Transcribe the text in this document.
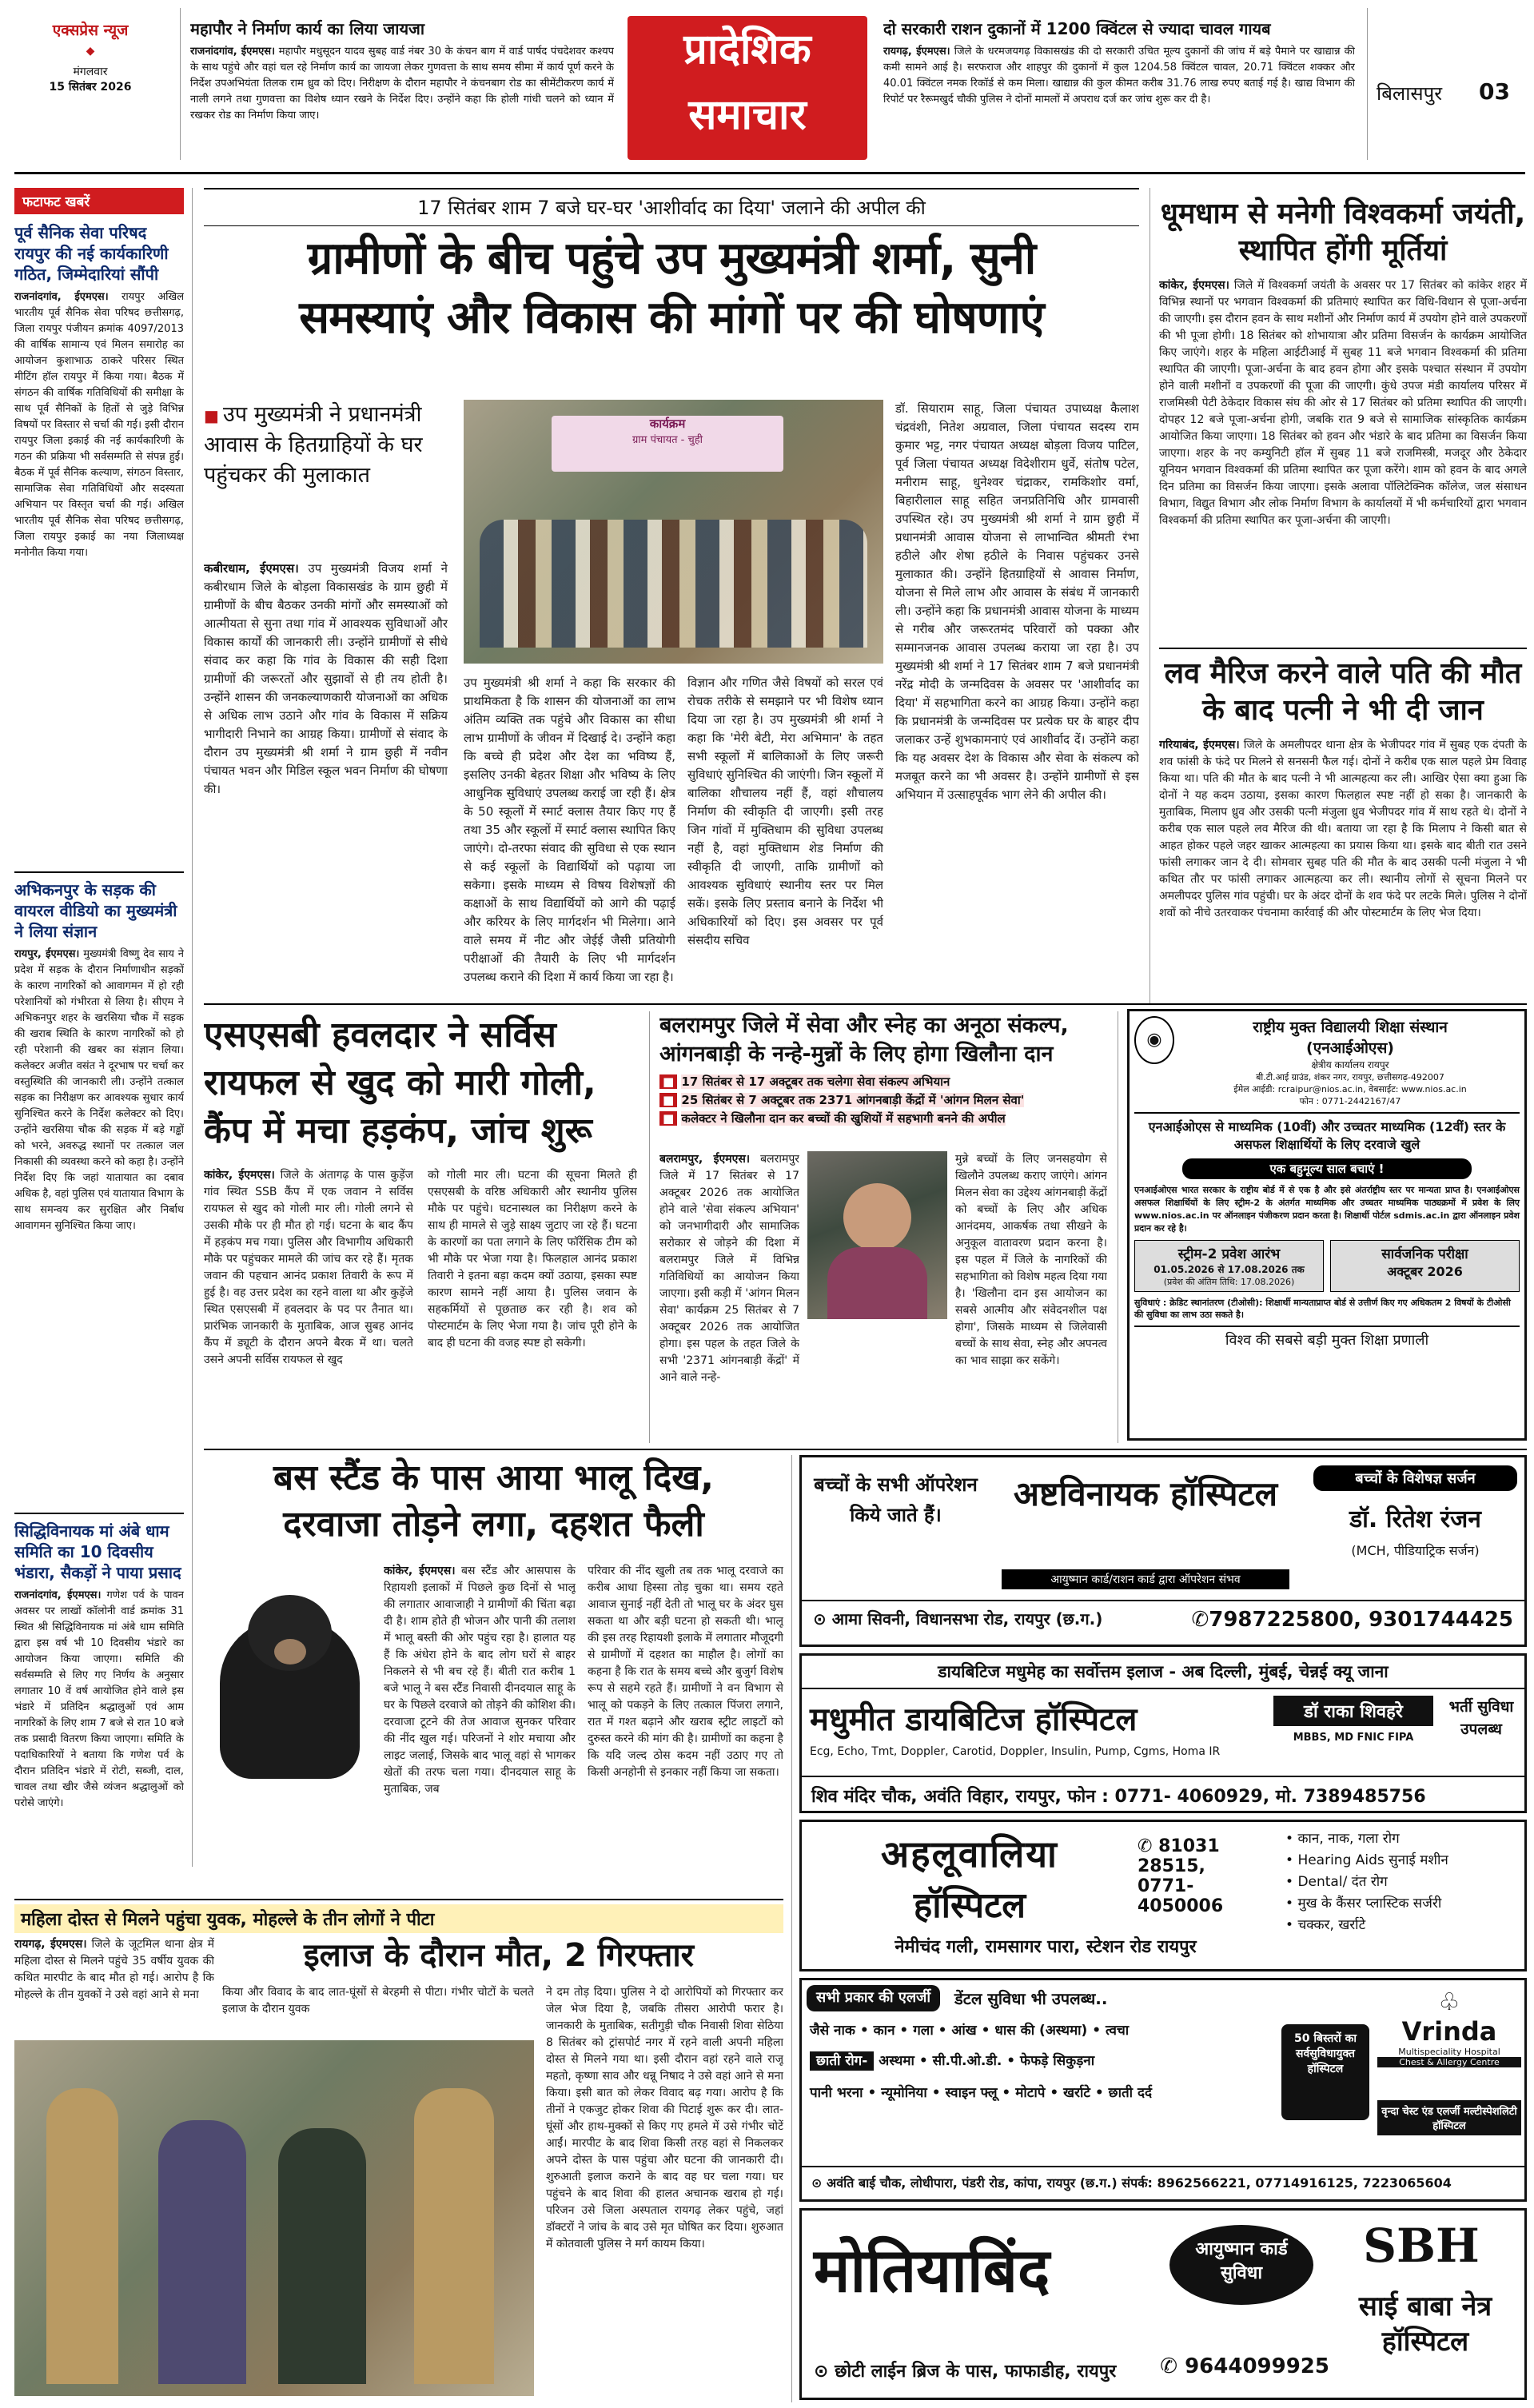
एक्सप्रेस न्यूज
◆
मंगलवार
15 सितंबर 2026
महापौर ने निर्माण कार्य का लिया जायजा
राजनांदगांव, ईएमएस। महापौर मधुसूदन यादव सुबह वार्ड नंबर 30 के कंचन बाग में वार्ड पार्षद पंचदेशवर कश्यप के साथ पहुंचे और वहां चल रहे निर्माण कार्य का जायजा लेकर गुणवत्ता के साथ समय सीमा में कार्य पूर्ण करने के निर्देश उपअभियंता तिलक राम ध्रुव को दिए। निरीक्षण के दौरान महापौर ने कंचनबाग रोड का सीमेंटीकरण कार्य में नाली लगने तथा गुणवत्ता का विशेष ध्यान रखने के निर्देश दिए। उन्होंने कहा कि होली गांधी चलने को ध्यान में रखकर रोड का निर्माण किया जाए।
प्रादेशिक
समाचार
दो सरकारी राशन दुकानों में 1200 क्विंटल से ज्यादा चावल गायब
रायगढ़, ईएमएस। जिले के धरमजयगढ़ विकासखंड की दो सरकारी उचित मूल्य दुकानों की जांच में बड़े पैमाने पर खाद्यान्न की कमी सामने आई है। सरफराज और शाहपुर की दुकानों में कुल 1204.58 क्विंटल चावल, 20.71 क्विंटल शक्कर और 40.01 क्विंटल नमक रिकॉर्ड से कम मिला। खाद्यान्न की कुल कीमत करीब 31.76 लाख रुपए बताई गई है। खाद्य विभाग की रिपोर्ट पर रैरूमखुर्द चौकी पुलिस ने दोनों मामलों में अपराध दर्ज कर जांच शुरू कर दी है।	बिलासपुर	03
फटाफट खबरें
पूर्व सैनिक सेवा परिषद रायपुर की नई कार्यकारिणी गठित, जिम्मेदारियां सौंपी
राजनांदगांव, ईएमएस। रायपुर अखिल भारतीय पूर्व सैनिक सेवा परिषद छत्तीसगढ़, जिला रायपुर पंजीयन क्रमांक 4097/2013 की वार्षिक सामान्य एवं मिलन समारोह का आयोजन कुशाभाऊ ठाकरे परिसर स्थित मीटिंग हॉल रायपुर में किया गया। बैठक में संगठन की वार्षिक गतिविधियों की समीक्षा के साथ पूर्व सैनिकों के हितों से जुड़े विभिन्न विषयों पर विस्तार से चर्चा की गई। इसी दौरान रायपुर जिला इकाई की नई कार्यकारिणी के गठन की प्रक्रिया भी सर्वसम्मति से संपन्न हुई। बैठक में पूर्व सैनिक कल्याण, संगठन विस्तार, सामाजिक सेवा गतिविधियों और सदस्यता अभियान पर विस्तृत चर्चा की गई। अखिल भारतीय पूर्व सैनिक सेवा परिषद छत्तीसगढ़, जिला रायपुर इकाई का नया जिलाध्यक्ष मनोनीत किया गया।
अभिकनपुर के सड़क की वायरल वीडियो का मुख्यमंत्री ने लिया संज्ञान
रायपुर, ईएमएस। मुख्यमंत्री विष्णु देव साय ने प्रदेश में सड़क के दौरान निर्माणाधीन सड़कों के कारण नागरिकों को आवागमन में हो रही परेशानियों को गंभीरता से लिया है। सीएम ने अभिकनपुर शहर के खरसिया चौक में सड़क की खराब स्थिति के कारण नागरिकों को हो रही परेशानी की खबर का संज्ञान लिया। कलेक्टर अजीत वसंत ने दूरभाष पर चर्चा कर वस्तुस्थिति की जानकारी ली। उन्होंने तत्काल सड़क का निरीक्षण कर आवश्यक सुधार कार्य सुनिश्चित करने के निर्देश कलेक्टर को दिए। उन्होंने खरसिया चौक की सड़क में बड़े गड्ढों को भरने, अवरुद्ध स्थानों पर तत्काल जल निकासी की व्यवस्था करने को कहा है। उन्होंने निर्देश दिए कि जहां यातायात का दबाव अधिक है, वहां पुलिस एवं यातायात विभाग के साथ समन्वय कर सुरक्षित और निर्बाध आवागमन सुनिश्चित किया जाए।
सिद्धिविनायक मां अंबे धाम समिति का 10 दिवसीय भंडारा, सैकड़ों ने पाया प्रसाद
राजनांदगांव, ईएमएस। गणेश पर्व के पावन अवसर पर लाखों कॉलोनी वार्ड क्रमांक 31 स्थित श्री सिद्धिविनायक मां अंबे धाम समिति द्वारा इस वर्ष भी 10 दिवसीय भंडारे का आयोजन किया जाएगा। समिति की सर्वसम्मति से लिए गए निर्णय के अनुसार लगातार 10 वें वर्ष आयोजित होने वाले इस भंडारे में प्रतिदिन श्रद्धालुओं एवं आम नागरिकों के लिए शाम 7 बजे से रात 10 बजे तक प्रसादी वितरण किया जाएगा। समिति के पदाधिकारियों ने बताया कि गणेश पर्व के दौरान प्रतिदिन भंडारे में रोटी, सब्जी, दाल, चावल तथा खीर जैसे व्यंजन श्रद्धालुओं को परोसे जाएंगे।
17 सितंबर शाम 7 बजे घर-घर 'आशीर्वाद का दिया' जलाने की अपील की
ग्रामीणों के बीच पहुंचे उप मुख्यमंत्री शर्मा, सुनी
समस्याएं और विकास की मांगों पर की घोषणाएं
■ उप मुख्यमंत्री ने प्रधानमंत्री आवास के हितग्राहियों के घर पहुंचकर की मुलाकात
कार्यक्रम
ग्राम पंचायत - चुही
कबीरधाम, ईएमएस। उप मुख्यमंत्री विजय शर्मा ने कबीरधाम जिले के बोड़ला विकासखंड के ग्राम छुही में ग्रामीणों के बीच बैठकर उनकी मांगों और समस्याओं को आत्मीयता से सुना तथा गांव में आवश्यक सुविधाओं और विकास कार्यों की जानकारी ली। उन्होंने ग्रामीणों से सीधे संवाद कर कहा कि गांव के विकास की सही दिशा ग्रामीणों की जरूरतों और सुझावों से ही तय होती है। उन्होंने शासन की जनकल्याणकारी योजनाओं का अधिक से अधिक लाभ उठाने और गांव के विकास में सक्रिय भागीदारी निभाने का आग्रह किया। ग्रामीणों से संवाद के दौरान उप मुख्यमंत्री श्री शर्मा ने ग्राम छुही में नवीन पंचायत भवन और मिडिल स्कूल भवन निर्माण की घोषणा की।
उप मुख्यमंत्री श्री शर्मा ने कहा कि सरकार की प्राथमिकता है कि शासन की योजनाओं का लाभ अंतिम व्यक्ति तक पहुंचे और विकास का सीधा लाभ ग्रामीणों के जीवन में दिखाई दे। उन्होंने कहा कि बच्चे ही प्रदेश और देश का भविष्य हैं, इसलिए उनकी बेहतर शिक्षा और भविष्य के लिए आधुनिक सुविधाएं उपलब्ध कराई जा रही हैं। क्षेत्र के 50 स्कूलों में स्मार्ट क्लास तैयार किए गए हैं तथा 35 और स्कूलों में स्मार्ट क्लास स्थापित किए जाएंगे। दो-तरफा संवाद की सुविधा से एक स्थान से कई स्कूलों के विद्यार्थियों को पढ़ाया जा सकेगा। इसके माध्यम से विषय विशेषज्ञों की कक्षाओं के साथ विद्यार्थियों को आगे की पढ़ाई और करियर के लिए मार्गदर्शन भी मिलेगा। आने वाले समय में नीट और जेईई जैसी प्रतियोगी परीक्षाओं की तैयारी के लिए भी मार्गदर्शन उपलब्ध कराने की दिशा में कार्य किया जा रहा है।
विज्ञान और गणित जैसे विषयों को सरल एवं रोचक तरीके से समझाने पर भी विशेष ध्यान दिया जा रहा है। उप मुख्यमंत्री श्री शर्मा ने कहा कि 'मेरी बेटी, मेरा अभिमान' के तहत सभी स्कूलों में बालिकाओं के लिए जरूरी सुविधाएं सुनिश्चित की जाएंगी। जिन स्कूलों में बालिका शौचालय नहीं हैं, वहां शौचालय निर्माण की स्वीकृति दी जाएगी। इसी तरह जिन गांवों में मुक्तिधाम की सुविधा उपलब्ध नहीं है, वहां मुक्तिधाम शेड निर्माण की स्वीकृति दी जाएगी, ताकि ग्रामीणों को आवश्यक सुविधाएं स्थानीय स्तर पर मिल सकें। इसके लिए प्रस्ताव बनाने के निर्देश भी अधिकारियों को दिए। इस अवसर पर पूर्व संसदीय सचिव
डॉ. सियाराम साहू, जिला पंचायत उपाध्यक्ष कैलाश चंद्रवंशी, नितेश अग्रवाल, जिला पंचायत सदस्य राम कुमार भट्ट, नगर पंचायत अध्यक्ष बोड़ला विजय पाटिल, पूर्व जिला पंचायत अध्यक्ष विदेशीराम धुर्वे, संतोष पटेल, मनीराम साहू, धुनेश्वर चंद्राकर, रामकिशोर वर्मा, बिहारीलाल साहू सहित जनप्रतिनिधि और ग्रामवासी उपस्थित रहे। उप मुख्यमंत्री श्री शर्मा ने ग्राम छुही में प्रधानमंत्री आवास योजना से लाभान्वित श्रीमती रंभा हठीले और शेषा हठीले के निवास पहुंचकर उनसे मुलाकात की। उन्होंने हितग्राहियों से आवास निर्माण, योजना से मिले लाभ और आवास के संबंध में जानकारी ली। उन्होंने कहा कि प्रधानमंत्री आवास योजना के माध्यम से गरीब और जरूरतमंद परिवारों को पक्का और सम्मानजनक आवास उपलब्ध कराया जा रहा है। उप मुख्यमंत्री श्री शर्मा ने 17 सितंबर शाम 7 बजे प्रधानमंत्री नरेंद्र मोदी के जन्मदिवस के अवसर पर 'आशीर्वाद का दिया' में सहभागिता करने का आग्रह किया। उन्होंने कहा कि प्रधानमंत्री के जन्मदिवस पर प्रत्येक घर के बाहर दीप जलाकर उन्हें शुभकामनाएं एवं आशीर्वाद दें। उन्होंने कहा कि यह अवसर देश के विकास और सेवा के संकल्प को मजबूत करने का भी अवसर है। उन्होंने ग्रामीणों से इस अभियान में उत्साहपूर्वक भाग लेने की अपील की।
धूमधाम से मनेगी विश्वकर्मा जयंती, स्थापित होंगी मूर्तियां
कांकेर, ईएमएस। जिले में विश्वकर्मा जयंती के अवसर पर 17 सितंबर को कांकेर शहर में विभिन्न स्थानों पर भगवान विश्वकर्मा की प्रतिमाएं स्थापित कर विधि-विधान से पूजा-अर्चना की जाएगी। इस दौरान हवन के साथ मशीनों और निर्माण कार्य में उपयोग होने वाले उपकरणों की भी पूजा होगी। 18 सितंबर को शोभायात्रा और प्रतिमा विसर्जन के कार्यक्रम आयोजित किए जाएंगे। शहर के महिला आईटीआई में सुबह 11 बजे भगवान विश्वकर्मा की प्रतिमा स्थापित की जाएगी। पूजा-अर्चना के बाद हवन होगा और इसके पश्चात संस्थान में उपयोग होने वाली मशीनों व उपकरणों की पूजा की जाएगी। कुंधे उपज मंडी कार्यालय परिसर में राजमिस्त्री पेटी ठेकेदार विकास संघ की ओर से 17 सितंबर को प्रतिमा स्थापित की जाएगी। दोपहर 12 बजे पूजा-अर्चना होगी, जबकि रात 9 बजे से सामाजिक सांस्कृतिक कार्यक्रम आयोजित किया जाएगा। 18 सितंबर को हवन और भंडारे के बाद प्रतिमा का विसर्जन किया जाएगा। शहर के नए कम्युनिटी हॉल में सुबह 11 बजे राजमिस्त्री, मजदूर और ठेकेदार यूनियन भगवान विश्वकर्मा की प्रतिमा स्थापित कर पूजा करेंगे। शाम को हवन के बाद अगले दिन प्रतिमा का विसर्जन किया जाएगा। इसके अलावा पॉलिटेक्निक कॉलेज, जल संसाधन विभाग, विद्युत विभाग और लोक निर्माण विभाग के कार्यालयों में भी कर्मचारियों द्वारा भगवान विश्वकर्मा की प्रतिमा स्थापित कर पूजा-अर्चना की जाएगी।
लव मैरिज करने वाले पति की मौत के बाद पत्नी ने भी दी जान
गरियाबंद, ईएमएस। जिले के अमलीपदर थाना क्षेत्र के भेजीपदर गांव में सुबह एक दंपती के शव फांसी के फंदे पर मिलने से सनसनी फैल गई। दोनों ने करीब एक साल पहले प्रेम विवाह किया था। पति की मौत के बाद पत्नी ने भी आत्महत्या कर ली। आखिर ऐसा क्या हुआ कि दोनों ने यह कदम उठाया, इसका कारण फिलहाल स्पष्ट नहीं हो सका है। जानकारी के मुताबिक, मिलाप ध्रुव और उसकी पत्नी मंजुला ध्रुव भेजीपदर गांव में साथ रहते थे। दोनों ने करीब एक साल पहले लव मैरिज की थी। बताया जा रहा है कि मिलाप ने किसी बात से आहत होकर पहले जहर खाकर आत्महत्या का प्रयास किया था। इसके बाद बीती रात उसने फांसी लगाकर जान दे दी। सोमवार सुबह पति की मौत के बाद उसकी पत्नी मंजुला ने भी कथित तौर पर फांसी लगाकर आत्महत्या कर ली। स्थानीय लोगों से सूचना मिलने पर अमलीपदर पुलिस गांव पहुंची। घर के अंदर दोनों के शव फंदे पर लटके मिले। पुलिस ने दोनों शवों को नीचे उतरवाकर पंचनामा कार्रवाई की और पोस्टमार्टम के लिए भेज दिया।
एसएसबी हवलदार ने सर्विस
रायफल से खुद को मारी गोली,
कैंप में मचा हड़कंप, जांच शुरू
कांकेर, ईएमएस। जिले के अंतागढ़ के पास कुड़ेंज गांव स्थित SSB कैंप में एक जवान ने सर्विस रायफल से खुद को गोली मार ली। गोली लगने से उसकी मौके पर ही मौत हो गई। घटना के बाद कैंप में हड़कंप मच गया। पुलिस और विभागीय अधिकारी मौके पर पहुंचकर मामले की जांच कर रहे हैं। मृतक जवान की पहचान आनंद प्रकाश तिवारी के रूप में हुई है। वह उत्तर प्रदेश का रहने वाला था और कुड़ेंजे स्थित एसएसबी में हवलदार के पद पर तैनात था। प्रारंभिक जानकारी के मुताबिक, आज सुबह आनंद कैंप में ड्यूटी के दौरान अपने बैरक में था। चलते उसने अपनी सर्विस रायफल से खुद
को गोली मार ली। घटना की सूचना मिलते ही एसएसबी के वरिष्ठ अधिकारी और स्थानीय पुलिस मौके पर पहुंचे। घटनास्थल का निरीक्षण करने के साथ ही मामले से जुड़े साक्ष्य जुटाए जा रहे हैं। घटना के कारणों का पता लगाने के लिए फॉरेंसिक टीम को भी मौके पर भेजा गया है। फिलहाल आनंद प्रकाश तिवारी ने इतना बड़ा कदम क्यों उठाया, इसका स्पष्ट कारण सामने नहीं आया है। पुलिस जवान के सहकर्मियों से पूछताछ कर रही है। शव को पोस्टमार्टम के लिए भेजा गया है। जांच पूरी होने के बाद ही घटना की वजह स्पष्ट हो सकेगी।
बलरामपुर जिले में सेवा और स्नेह का अनूठा संकल्प,
आंगनबाड़ी के नन्हे-मुन्नों के लिए होगा खिलौना दान
■ 17 सितंबर से 17 अक्टूबर तक चलेगा सेवा संकल्प अभियान
■ 25 सितंबर से 7 अक्टूबर तक 2371 आंगनबाड़ी केंद्रों में 'आंगन मिलन सेवा'
■ कलेक्टर ने खिलौना दान कर बच्चों की खुशियों में सहभागी बनने की अपील
बलरामपुर, ईएमएस। बलरामपुर जिले में 17 सितंबर से 17 अक्टूबर 2026 तक आयोजित होने वाले 'सेवा संकल्प अभियान' को जनभागीदारी और सामाजिक सरोकार से जोड़ने की दिशा में बलरामपुर जिले में विभिन्न गतिविधियों का आयोजन किया जाएगा। इसी कड़ी में 'आंगन मिलन सेवा' कार्यक्रम 25 सितंबर से 7 अक्टूबर 2026 तक आयोजित होगा। इस पहल के तहत जिले के सभी '2371 आंगनबाड़ी केंद्रों' में आने वाले नन्हे-
मुन्ने बच्चों के लिए जनसहयोग से खिलौने उपलब्ध कराए जाएंगे। आंगन मिलन सेवा का उद्देश्य आंगनबाड़ी केंद्रों को बच्चों के लिए और अधिक आनंदमय, आकर्षक तथा सीखने के अनुकूल वातावरण प्रदान करना है। इस पहल में जिले के नागरिकों की सहभागिता को विशेष महत्व दिया गया है। 'खिलौना दान इस आयोजन का सबसे आत्मीय और संवेदनशील पक्ष होगा', जिसके माध्यम से जिलेवासी बच्चों के साथ सेवा, स्नेह और अपनत्व का भाव साझा कर सकेंगे।
◉
राष्ट्रीय मुक्त विद्यालयी शिक्षा संस्थान
(एनआईओएस)
क्षेत्रीय कार्यालय रायपुर
बी.टी.आई ग्राउंड, शंकर नगर, रायपुर, छत्तीसगढ़-492007
ईमेल आईडी: rcraipur@nios.ac.in, वेबसाईट: www.nios.ac.in
फोन : 0771-2442167/47
एनआईओएस से माध्यमिक (10वीं) और उच्चतर माध्यमिक (12वीं) स्तर के असफल शिक्षार्थियों के लिए दरवाजे खुले
एक बहुमूल्य साल बचाएं !
एनआईओएस भारत सरकार के राष्ट्रीय बोर्ड में से एक है और इसे अंतर्राष्ट्रीय स्तर पर मान्यता प्राप्त है। एनआईओएस असफल शिक्षार्थियों के लिए स्ट्रीम-2 के अंतर्गत माध्यमिक और उच्चतर माध्यमिक पाठ्यक्रमों में प्रवेश के लिए www.nios.ac.in पर ऑनलाइन पंजीकरण प्रदान करता है। शिक्षार्थी पोर्टल sdmis.ac.in द्वारा ऑनलाइन प्रवेश प्रदान कर रहे है।
स्ट्रीम-2 प्रवेश आरंभ
01.05.2026 से 17.08.2026 तक
(प्रवेश की अंतिम तिथि: 17.08.2026)
सार्वजनिक परीक्षा
अक्टूबर 2026
सुविधाएं : क्रेडिट स्थानांतरण (टीओसी): शिक्षार्थी मान्यताप्राप्त बोर्ड से उत्तीर्ण किए गए अधिकतम 2 विषयों के टीओसी की सुविधा का लाभ उठा सकते है।
विश्व की सबसे बड़ी मुक्त शिक्षा प्रणाली
बस स्टैंड के पास आया भालू दिख,
दरवाजा तोड़ने लगा, दहशत फैली
कांकेर, ईएमएस। बस स्टैंड और आसपास के रिहायशी इलाकों में पिछले कुछ दिनों से भालू की लगातार आवाजाही ने ग्रामीणों की चिंता बढ़ा दी है। शाम होते ही भोजन और पानी की तलाश में भालू बस्ती की ओर पहुंच रहा है। हालात यह हैं कि अंधेरा होने के बाद लोग घरों से बाहर निकलने से भी बच रहे हैं। बीती रात करीब 1 बजे भालू ने बस स्टैंड निवासी दीनदयाल साहू के घर के पिछले दरवाजे को तोड़ने की कोशिश की। दरवाजा टूटने की तेज आवाज सुनकर परिवार की नींद खुल गई। परिजनों ने शोर मचाया और लाइट जलाई, जिसके बाद भालू वहां से भागकर खेतों की तरफ चला गया। दीनदयाल साहू के मुताबिक, जब
परिवार की नींद खुली तब तक भालू दरवाजे का करीब आधा हिस्सा तोड़ चुका था। समय रहते आवाज सुनाई नहीं देती तो भालू घर के अंदर घुस सकता था और बड़ी घटना हो सकती थी। भालू की इस तरह रिहायशी इलाके में लगातार मौजूदगी से ग्रामीणों में दहशत का माहौल है। लोगों का कहना है कि रात के समय बच्चे और बुजुर्ग विशेष रूप से सहमे रहते हैं। ग्रामीणों ने वन विभाग से भालू को पकड़ने के लिए तत्काल पिंजरा लगाने, रात में गश्त बढ़ाने और खराब स्ट्रीट लाइटों को दुरुस्त करने की मांग की है। ग्रामीणों का कहना है कि यदि जल्द ठोस कदम नहीं उठाए गए तो किसी अनहोनी से इनकार नहीं किया जा सकता।
महिला दोस्त से मिलने पहुंचा युवक, मोहल्ले के तीन लोगों ने पीटा
इलाज के दौरान मौत, 2 गिरफ्तार
रायगढ़, ईएमएस। जिले के जूटमिल थाना क्षेत्र में महिला दोस्त से मिलने पहुंचे 35 वर्षीय युवक की कथित मारपीट के बाद मौत हो गई। आरोप है कि मोहल्ले के तीन युवकों ने उसे वहां आने से मना	किया और विवाद के बाद लात-घूंसों से बेरहमी से पीटा। गंभीर चोटों के चलते इलाज के दौरान युवक
ने दम तोड़ दिया। पुलिस ने दो आरोपियों को गिरफ्तार कर जेल भेज दिया है, जबकि तीसरा आरोपी फरार है। जानकारी के मुताबिक, सतीगुड़ी चौक निवासी शिवा सेठिया 8 सितंबर को ट्रांसपोर्ट नगर में रहने वाली अपनी महिला दोस्त से मिलने गया था। इसी दौरान वहां रहने वाले राजू महतो, कृष्णा साव और धन्नू निषाद ने उसे वहां आने से मना किया। इसी बात को लेकर विवाद बढ़ गया। आरोप है कि तीनों ने एकजुट होकर शिवा की पिटाई शुरू कर दी। लात-घूंसों और हाथ-मुक्कों से किए गए हमले में उसे गंभीर चोटें आईं। मारपीट के बाद शिवा किसी तरह वहां से निकलकर अपने दोस्त के पास पहुंचा और घटना की जानकारी दी। शुरुआती इलाज कराने के बाद वह घर चला गया। घर पहुंचने के बाद शिवा की हालत अचानक खराब हो गई। परिजन उसे जिला अस्पताल रायगढ़ लेकर पहुंचे, जहां डॉक्टरों ने जांच के बाद उसे मृत घोषित कर दिया। शुरुआत में कोतवाली पुलिस ने मर्ग कायम किया।
बच्चों के सभी ऑपरेशन किये जाते हैं।
अष्टविनायक हॉस्पिटल	बच्चों के विशेषज्ञ सर्जन
डॉ. रितेश रंजन
(MCH, पीडियाट्रिक सर्जन)
आयुष्मान कार्ड/राशन कार्ड द्वारा ऑपरेशन संभव
⊙ आमा सिवनी, विधानसभा रोड, रायपुर (छ.ग.)	✆7987225800, 9301744425
डायबिटिज मधुमेह का सर्वोत्तम इलाज - अब दिल्ली, मुंबई, चेन्नई क्यू जाना
मधुमीत डायबिटिज हॉस्पिटल
Ecg, Echo, Tmt, Doppler, Carotid, Doppler, Insulin, Pump, Cgms, Homa IR
डॉ राका शिवहरे
MBBS, MD FNIC FIPA
भर्ती सुविधा उपलब्ध
शिव मंदिर चौक, अवंति विहार, रायपुर, फोन : 0771- 4060929, मो. 7389485756
अहलूवालिया
हॉस्पिटल
✆ 81031 28515,
0771- 4050006
• कान, नाक, गला रोग
• Hearing Aids सुनाई मशीन
• Dental/ दंत रोग
• मुख के कैंसर प्लास्टिक सर्जरी
• चक्कर, खर्राटे
नेमीचंद गली, रामसागर पारा, स्टेशन रोड रायपुर
सभी प्रकार की एलर्जी	डेंटल सुविधा भी उपलब्ध..
जैसे नाक • कान • गला • आंख • धास की (अस्थमा) • त्वचा
छाती रोग- अस्थमा • सी.पी.ओ.डी. • फेफड़े सिकुड़ना
पानी भरना • न्यूमोनिया • स्वाइन फ्लू • मोटापे • खर्राटे • छाती दर्द
50 बिस्तरों का सर्वसुविधायुक्त हॉस्पिटल
♧
Vrinda
Multispeciality Hospital
Chest & Allergy Centre
वृन्दा चेस्ट एंड एलर्जी मल्टीस्पेशलिटी हॉस्पिटल
⊙ अवंति बाई चौक, लोधीपारा, पंडरी रोड, कांपा, रायपुर (छ.ग.) संपर्क: 8962566221, 07714916125, 7223065604
मोतियाबिंद	आयुष्मान कार्ड सुविधा
SBH
साई बाबा नेत्र हॉस्पिटल
⊙ छोटी लाईन ब्रिज के पास, फाफाडीह, रायपुर	✆ 9644099925
